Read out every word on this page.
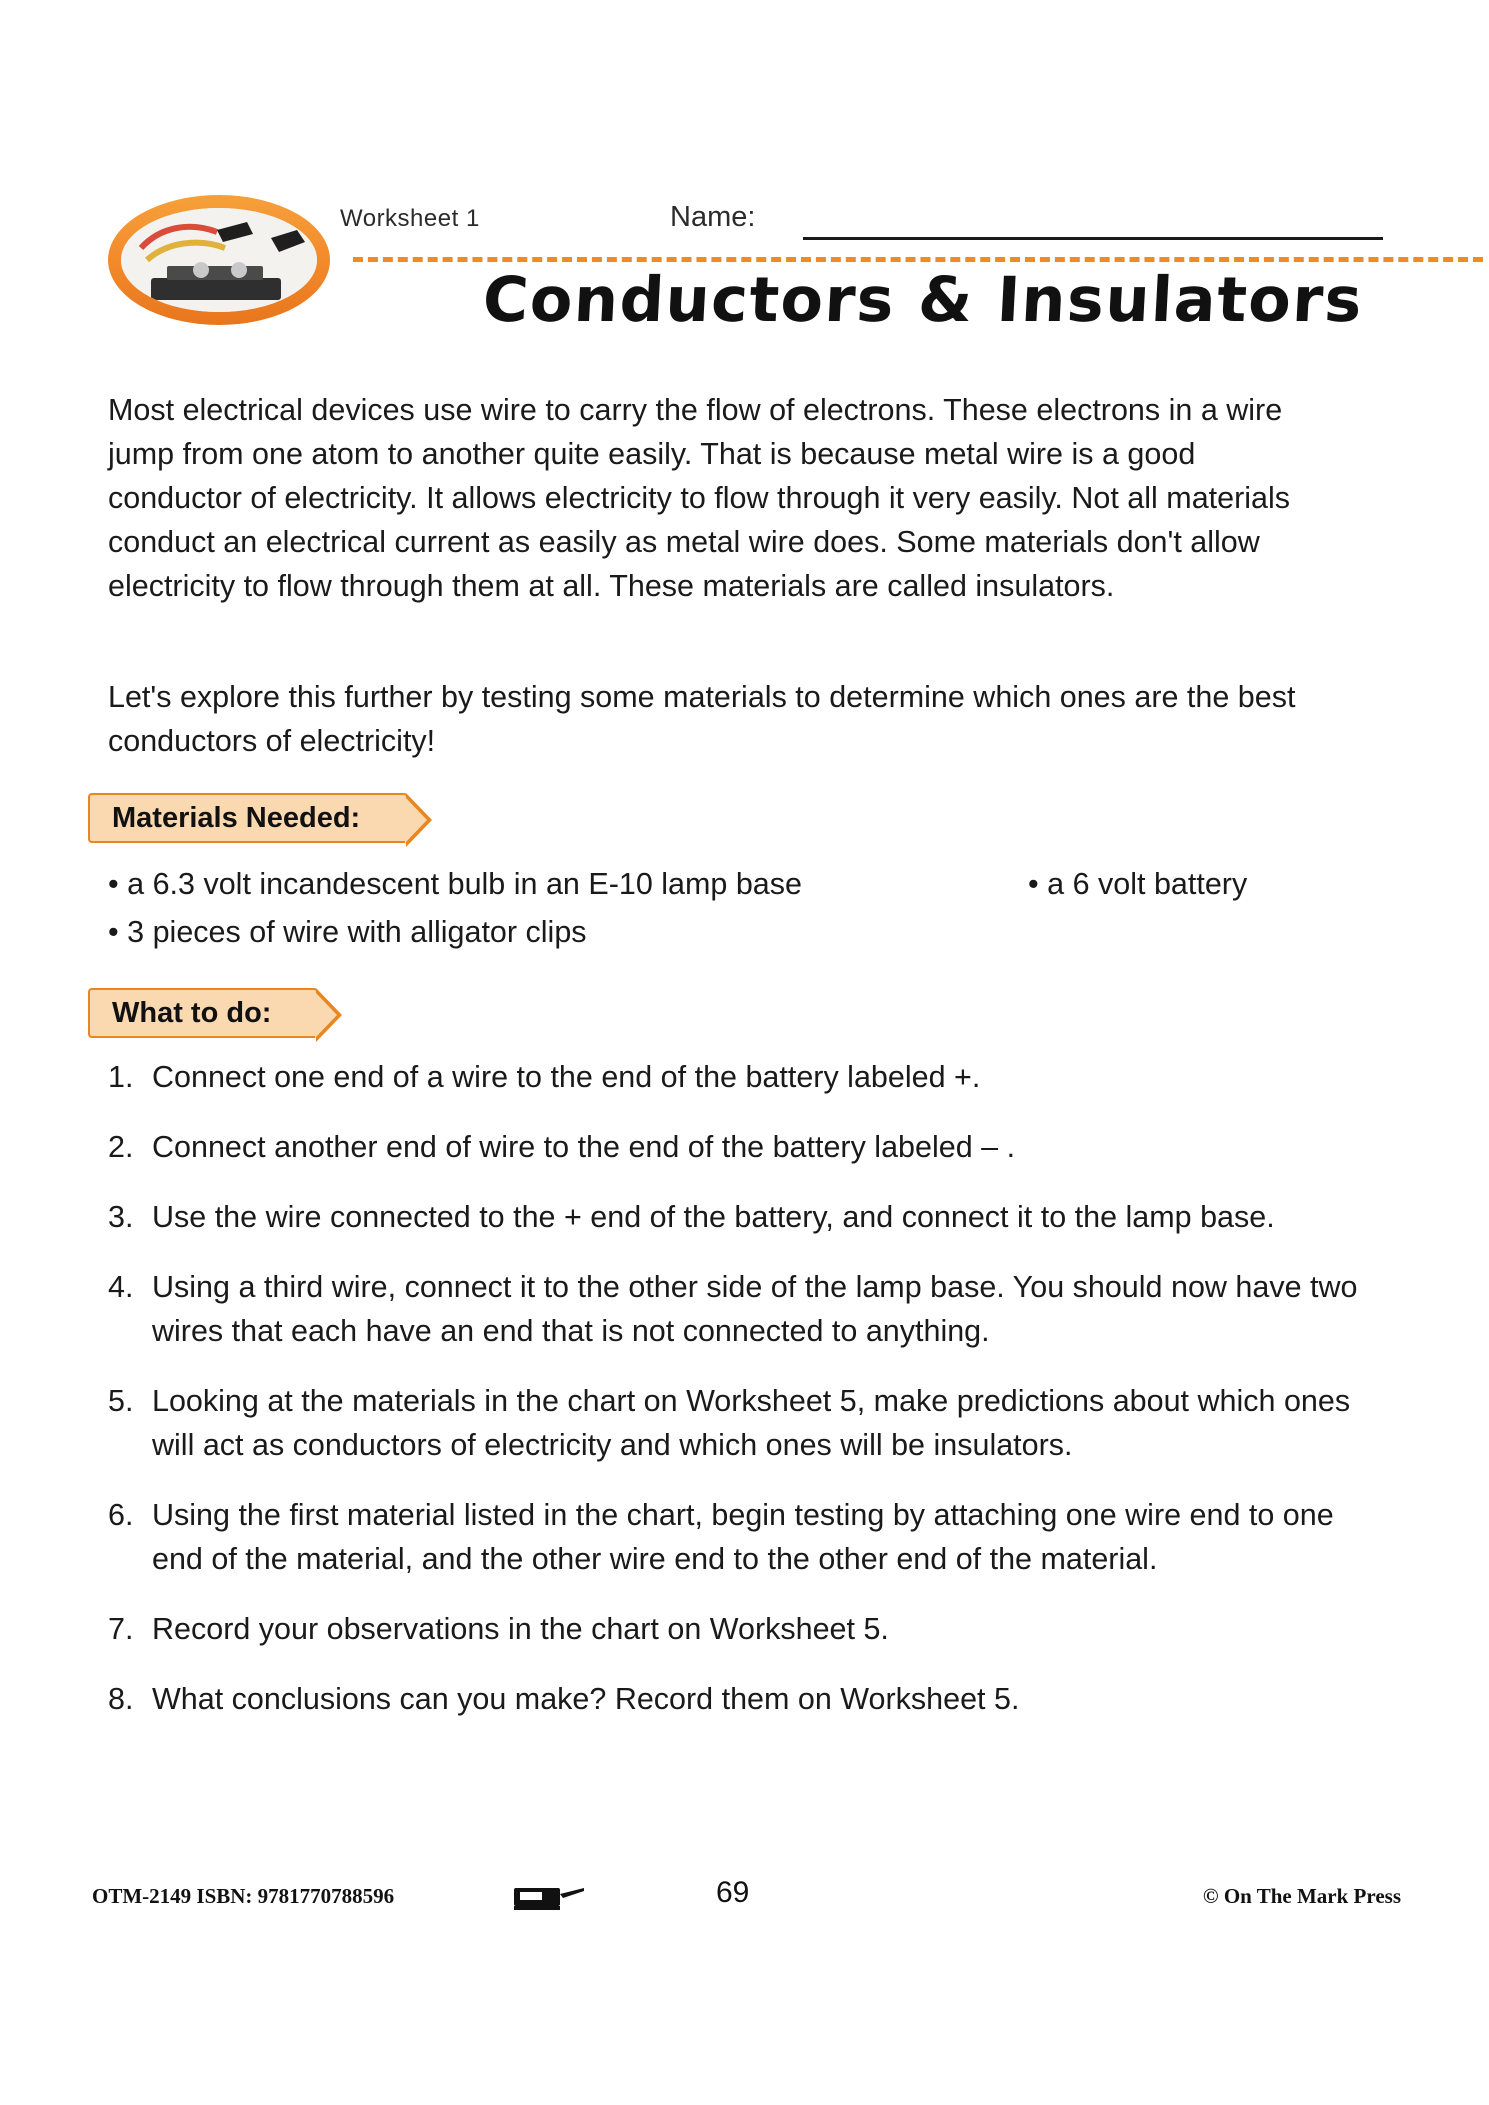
Worksheet 1	Name:
Conductors & Insulators
Most electrical devices use wire to carry the flow of electrons. These electrons in a wire jump from one atom to another quite easily. That is because metal wire is a good conductor of electricity. It allows electricity to flow through it very easily. Not all materials conduct an electrical current as easily as metal wire does. Some materials don't allow electricity to flow through them at all. These materials are called insulators.
Let's explore this further by testing some materials to determine which ones are the best conductors of electricity!
Materials Needed:
• a 6.3 volt incandescent bulb in an E-10 lamp base	• a 6 volt battery
• 3 pieces of wire with alligator clips
What to do:
1. Connect one end of a wire to the end of the battery labeled +.
2. Connect another end of wire to the end of the battery labeled – .
3. Use the wire connected to the + end of the battery, and connect it to the lamp base.
4. Using a third wire, connect it to the other side of the lamp base. You should now have two wires that each have an end that is not connected to anything.
5. Looking at the materials in the chart on Worksheet 5, make predictions about which ones will act as conductors of electricity and which ones will be insulators.
6. Using the first material listed in the chart, begin testing by attaching one wire end to one end of the material, and the other wire end to the other end of the material.
7. Record your observations in the chart on Worksheet 5.
8. What conclusions can you make? Record them on Worksheet 5.
OTM-2149 ISBN: 9781770788596	69	© On The Mark Press
